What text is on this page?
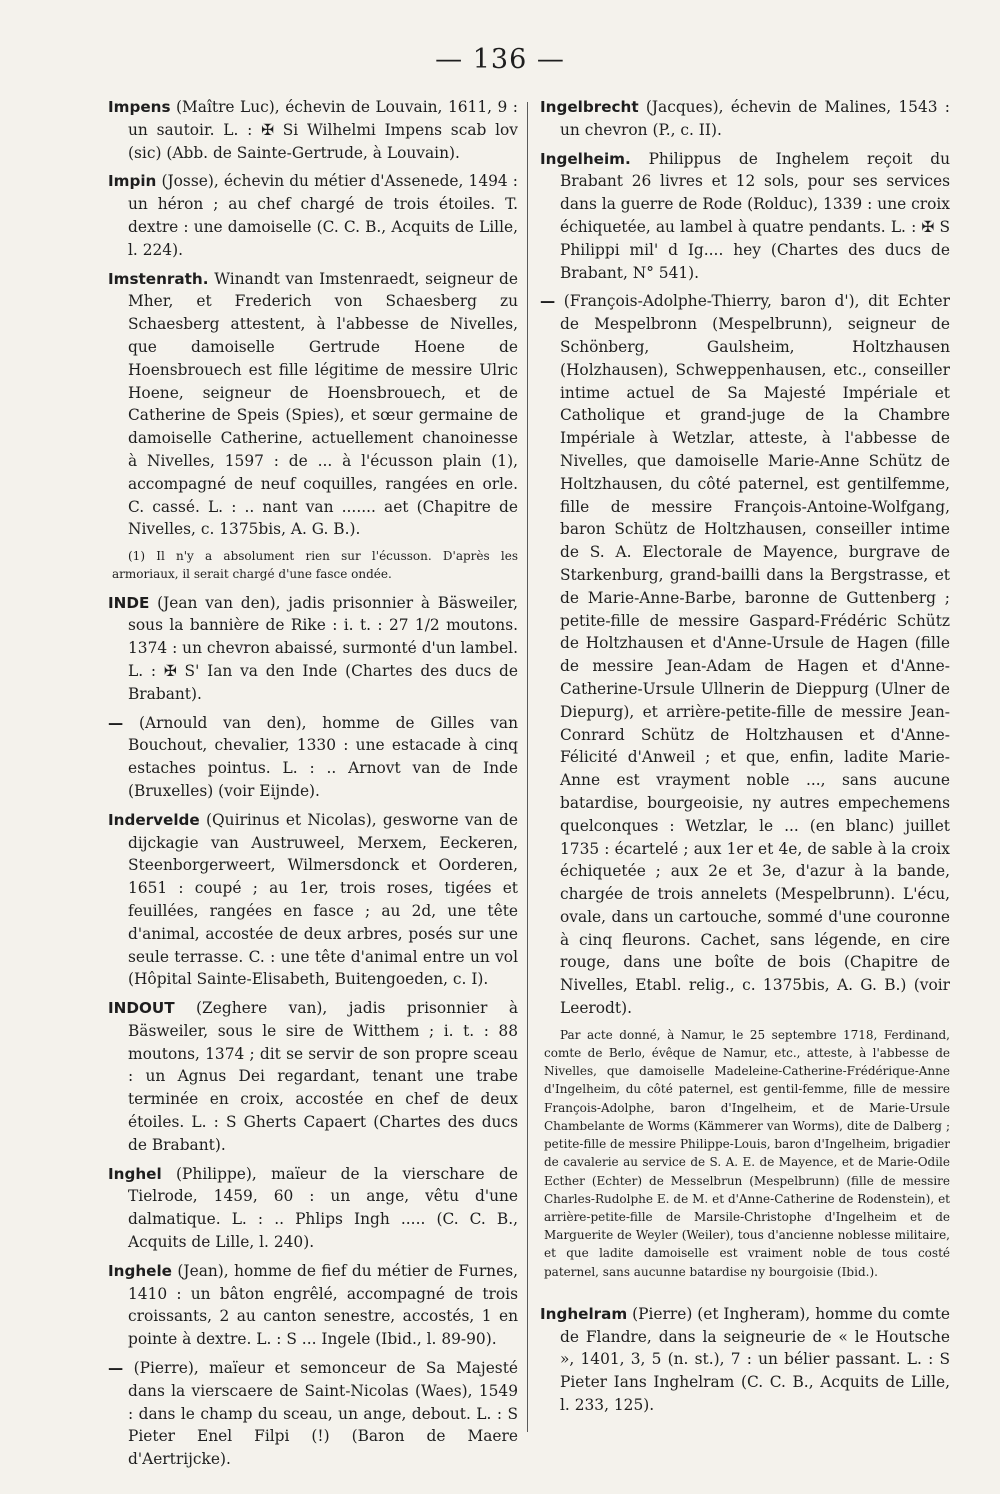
— 136 —

Impens (Maître Luc), échevin de Louvain, 1611, 9 : un sautoir. L. : ✠ Si Wilhelmi Impens scab lov (sic) (Abb. de Sainte-Gertrude, à Louvain).

Impin (Josse), échevin du métier d'Assenede, 1494 : un héron ; au chef chargé de trois étoiles. T. dextre : une damoiselle (C. C. B., Acquits de Lille, l. 224).

Imstenrath. Winandt van Imstenraedt, seigneur de Mher, et Frederich von Schaesberg zu Schaesberg attestent, à l'abbesse de Nivelles, que damoiselle Gertrude Hoene de Hoensbrouech est fille légitime de messire Ulric Hoene, seigneur de Hoensbrouech, et de Catherine de Speis (Spies), et sœur germaine de damoiselle Catherine, actuellement chanoinesse à Nivelles, 1597 : de ... à l'écusson plain (1), accompagné de neuf coquilles, rangées en orle. C. cassé. L. : .. nant van ....... aet (Chapitre de Nivelles, c. 1375bis, A. G. B.).

(1) Il n'y a absolument rien sur l'écusson. D'après les armoriaux, il serait chargé d'une fasce ondée.

INDE (Jean van den), jadis prisonnier à Bäsweiler, sous la bannière de Rike : i. t. : 27 1/2 moutons. 1374 : un chevron abaissé, surmonté d'un lambel. L. : ✠ S' Ian va den Inde (Chartes des ducs de Brabant).

— (Arnould van den), homme de Gilles van Bouchout, chevalier, 1330 : une estacade à cinq estaches pointus. L. : .. Arnovt van de Inde (Bruxelles) (voir Eijnde).

Indervelde (Quirinus et Nicolas), gesworne van de dijckagie van Austruweel, Merxem, Eeckeren, Steenborgerweert, Wilmersdonck et Oorderen, 1651 : coupé ; au 1er, trois roses, tigées et feuillées, rangées en fasce ; au 2d, une tête d'animal, accostée de deux arbres, posés sur une seule terrasse. C. : une tête d'animal entre un vol (Hôpital Sainte-Elisabeth, Buitengoeden, c. I).

INDOUT (Zeghere van), jadis prisonnier à Bäsweiler, sous le sire de Witthem ; i. t. : 88 moutons, 1374 ; dit se servir de son propre sceau : un Agnus Dei regardant, tenant une trabe terminée en croix, accostée en chef de deux étoiles. L. : S Gherts Capaert (Chartes des ducs de Brabant).

Inghel (Philippe), maïeur de la vierschare de Tielrode, 1459, 60 : un ange, vêtu d'une dalmatique. L. : .. Phlips Ingh ..... (C. C. B., Acquits de Lille, l. 240).

Inghele (Jean), homme de fief du métier de Furnes, 1410 : un bâton engrêlé, accompagné de trois croissants, 2 au canton senestre, accostés, 1 en pointe à dextre. L. : S ... Ingele (Ibid., l. 89-90).

— (Pierre), maïeur et semonceur de Sa Majesté dans la vierscaere de Saint-Nicolas (Waes), 1549 : dans le champ du sceau, un ange, debout. L. : S Pieter Enel Filpi (!) (Baron de Maere d'Aertrijcke).

Ingelbrecht (Jacques), échevin de Malines, 1543 : un chevron (P., c. II).

Ingelheim. Philippus de Inghelem reçoit du Brabant 26 livres et 12 sols, pour ses services dans la guerre de Rode (Rolduc), 1339 : une croix échiquetée, au lambel à quatre pendants. L. : ✠ S Philippi mil' d Ig.... hey (Chartes des ducs de Brabant, N° 541).

— (François-Adolphe-Thierry, baron d'), dit Echter de Mespelbronn (Mespelbrunn), seigneur de Schönberg, Gaulsheim, Holtzhausen (Holzhausen), Schweppenhausen, etc., conseiller intime actuel de Sa Majesté Impériale et Catholique et grand-juge de la Chambre Impériale à Wetzlar, atteste, à l'abbesse de Nivelles, que damoiselle Marie-Anne Schütz de Holtzhausen, du côté paternel, est gentilfemme, fille de messire François-Antoine-Wolfgang, baron Schütz de Holtzhausen, conseiller intime de S. A. Electorale de Mayence, burgrave de Starkenburg, grand-bailli dans la Bergstrasse, et de Marie-Anne-Barbe, baronne de Guttenberg ; petite-fille de messire Gaspard-Frédéric Schütz de Holtzhausen et d'Anne-Ursule de Hagen (fille de messire Jean-Adam de Hagen et d'Anne-Catherine-Ursule Ullnerin de Dieppurg (Ulner de Diepurg), et arrière-petite-fille de messire Jean-Conrard Schütz de Holtzhausen et d'Anne-Félicité d'Anweil ; et que, enfin, ladite Marie-Anne est vrayment noble ..., sans aucune batardise, bourgeoisie, ny autres empechemens quelconques : Wetzlar, le ... (en blanc) juillet 1735 : écartelé ; aux 1er et 4e, de sable à la croix échiquetée ; aux 2e et 3e, d'azur à la bande, chargée de trois annelets (Mespelbrunn). L'écu, ovale, dans un cartouche, sommé d'une couronne à cinq fleurons. Cachet, sans légende, en cire rouge, dans une boîte de bois (Chapitre de Nivelles, Etabl. relig., c. 1375bis, A. G. B.) (voir Leerodt).

Par acte donné, à Namur, le 25 septembre 1718, Ferdinand, comte de Berlo, évêque de Namur, etc., atteste, à l'abbesse de Nivelles, que damoiselle Madeleine-Catherine-Frédérique-Anne d'Ingelheim, du côté paternel, est gentil-femme, fille de messire François-Adolphe, baron d'Ingelheim, et de Marie-Ursule Chambelante de Worms (Kämmerer van Worms), dite de Dalberg ; petite-fille de messire Philippe-Louis, baron d'Ingelheim, brigadier de cavalerie au service de S. A. E. de Mayence, et de Marie-Odile Ecther (Echter) de Messelbrun (Mespelbrunn) (fille de messire Charles-Rudolphe E. de M. et d'Anne-Catherine de Rodenstein), et arrière-petite-fille de Marsile-Christophe d'Ingelheim et de Marguerite de Weyler (Weiler), tous d'ancienne noblesse militaire, et que ladite damoiselle est vraiment noble de tous costé paternel, sans aucunne batardise ny bourgoisie (Ibid.).

Inghelram (Pierre) (et Ingheram), homme du comte de Flandre, dans la seigneurie de « le Houtsche », 1401, 3, 5 (n. st.), 7 : un bélier passant. L. : S Pieter Ians Inghelram (C. C. B., Acquits de Lille, l. 233, 125).
